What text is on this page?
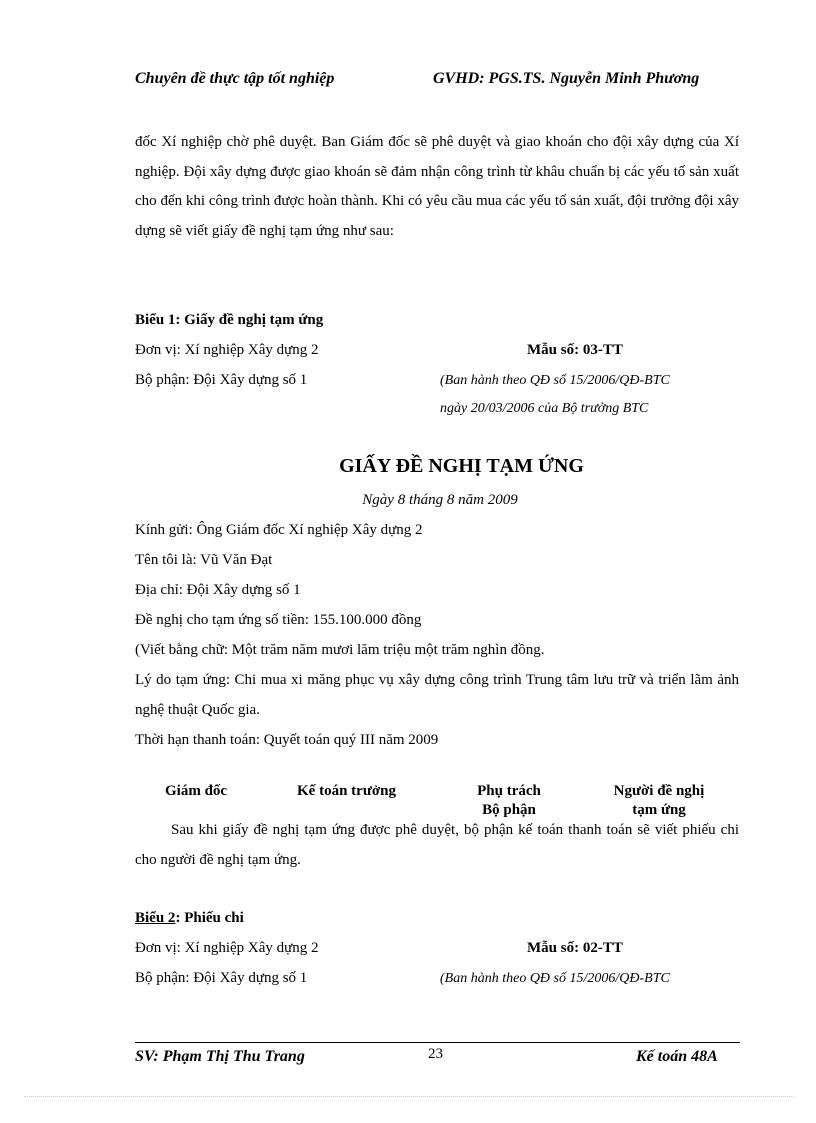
Chuyên đề thực tập tốt nghiệp	GVHD: PGS.TS. Nguyễn Minh Phương
đốc Xí nghiệp chờ phê duyệt. Ban Giám đốc sẽ phê duyệt và giao khoán cho đội xây dựng của Xí nghiệp. Đội xây dựng được giao khoán sẽ đảm nhận công trình từ khâu chuẩn bị các yếu tố sản xuất cho đến khi công trình được hoàn thành. Khi có yêu cầu mua các yếu tố sản xuất, đội trưởng đội xây dựng sẽ viết giấy đề nghị tạm ứng như sau:
Biểu 1: Giấy đề nghị tạm ứng
Đơn vị: Xí nghiệp Xây dựng 2	Mẫu số: 03-TT
Bộ phận: Đội Xây dựng số 1	(Ban hành theo QĐ số 15/2006/QĐ-BTC
ngày 20/03/2006 của Bộ trưởng BTC
GIẤY ĐỀ NGHỊ TẠM ỨNG
Ngày 8 tháng 8 năm 2009
Kính gửi: Ông Giám đốc Xí nghiệp Xây dựng 2
Tên tôi là: Vũ Văn Đạt
Địa chỉ: Đội Xây dựng số 1
Đề nghị cho tạm ứng số tiền: 155.100.000 đồng
(Viết bằng chữ: Một trăm năm mươi lăm triệu một trăm nghìn đồng.
Lý do tạm ứng: Chi mua xi măng phục vụ xây dựng công trình Trung tâm lưu trữ và triển lãm ảnh nghệ thuật Quốc gia.
Thời hạn thanh toán: Quyết toán quý III năm 2009
Giám đốc	Kế toán trưởng	Phụ trách
Bộ phận
Người đề nghị
tạm ứng
Sau khi giấy đề nghị tạm ứng được phê duyệt, bộ phận kế toán thanh toán sẽ viết phiếu chi cho người đề nghị tạm ứng.
Biểu 2: Phiếu chi
Đơn vị: Xí nghiệp Xây dựng 2	Mẫu số: 02-TT
Bộ phận: Đội Xây dựng số 1	(Ban hành theo QĐ số 15/2006/QĐ-BTC
SV: Phạm Thị Thu Trang	23	Kế toán 48A
